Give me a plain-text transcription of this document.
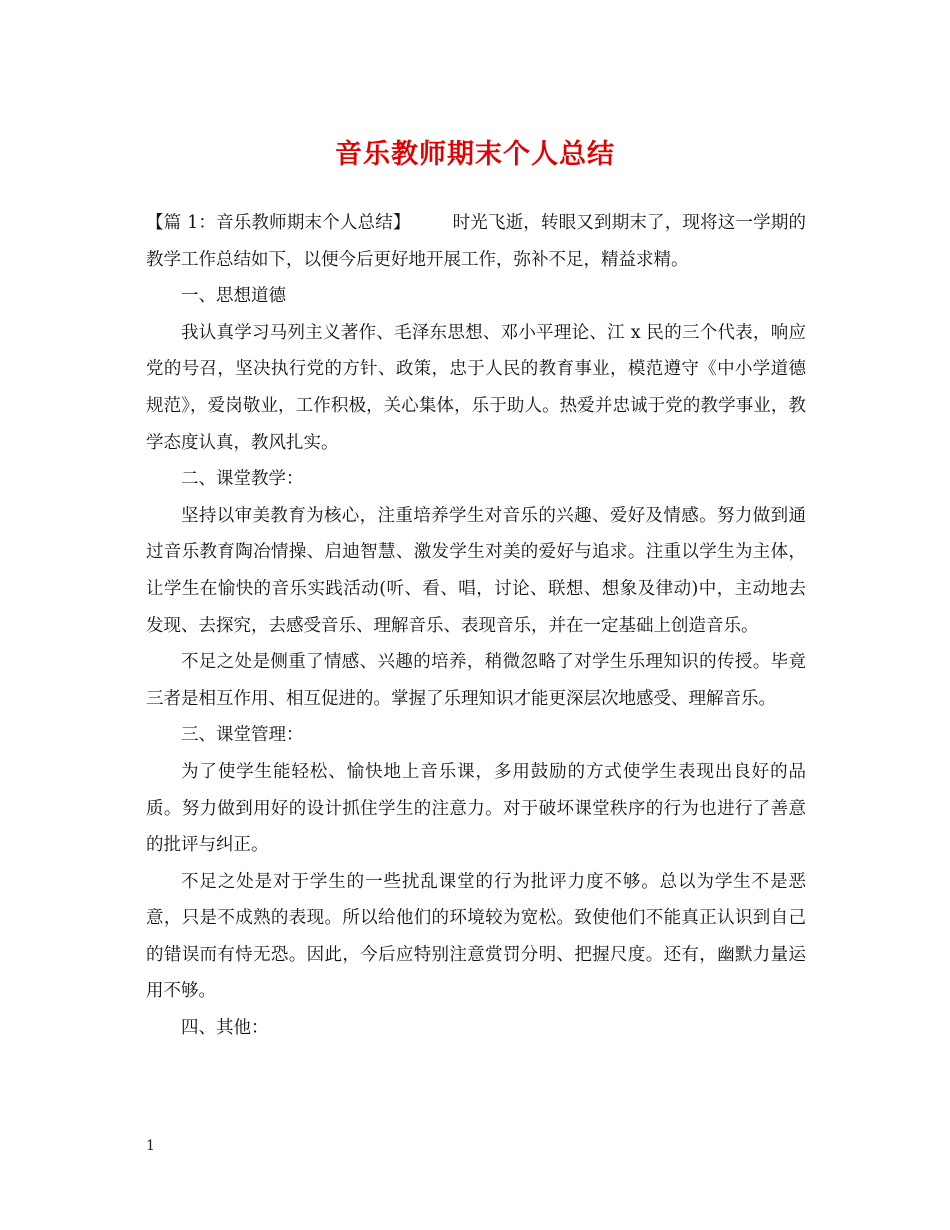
音乐教师期末个人总结

【篇 1：音乐教师期末个人总结】 时光飞逝，转眼又到期末了，现将这一学期的教学工作总结如下，以便今后更好地开展工作，弥补不足，精益求精。

一、思想道德

我认真学习马列主义著作、毛泽东思想、邓小平理论、江 x 民的三个代表，响应党的号召，坚决执行党的方针、政策，忠于人民的教育事业，模范遵守《中小学道德规范》，爱岗敬业，工作积极，关心集体，乐于助人。热爱并忠诚于党的教学事业，教学态度认真，教风扎实。

二、课堂教学：

坚持以审美教育为核心，注重培养学生对音乐的兴趣、爱好及情感。努力做到通过音乐教育陶冶情操、启迪智慧、激发学生对美的爱好与追求。注重以学生为主体，让学生在愉快的音乐实践活动(听、看、唱，讨论、联想、想象及律动)中，主动地去发现、去探究，去感受音乐、理解音乐、表现音乐，并在一定基础上创造音乐。

不足之处是侧重了情感、兴趣的培养，稍微忽略了对学生乐理知识的传授。毕竟三者是相互作用、相互促进的。掌握了乐理知识才能更深层次地感受、理解音乐。

三、课堂管理：

为了使学生能轻松、愉快地上音乐课，多用鼓励的方式使学生表现出良好的品质。努力做到用好的设计抓住学生的注意力。对于破坏课堂秩序的行为也进行了善意的批评与纠正。

不足之处是对于学生的一些扰乱课堂的行为批评力度不够。总以为学生不是恶意，只是不成熟的表现。所以给他们的环境较为宽松。致使他们不能真正认识到自己的错误而有恃无恐。因此，今后应特别注意赏罚分明、把握尺度。还有，幽默力量运用不够。

四、其他：

1
